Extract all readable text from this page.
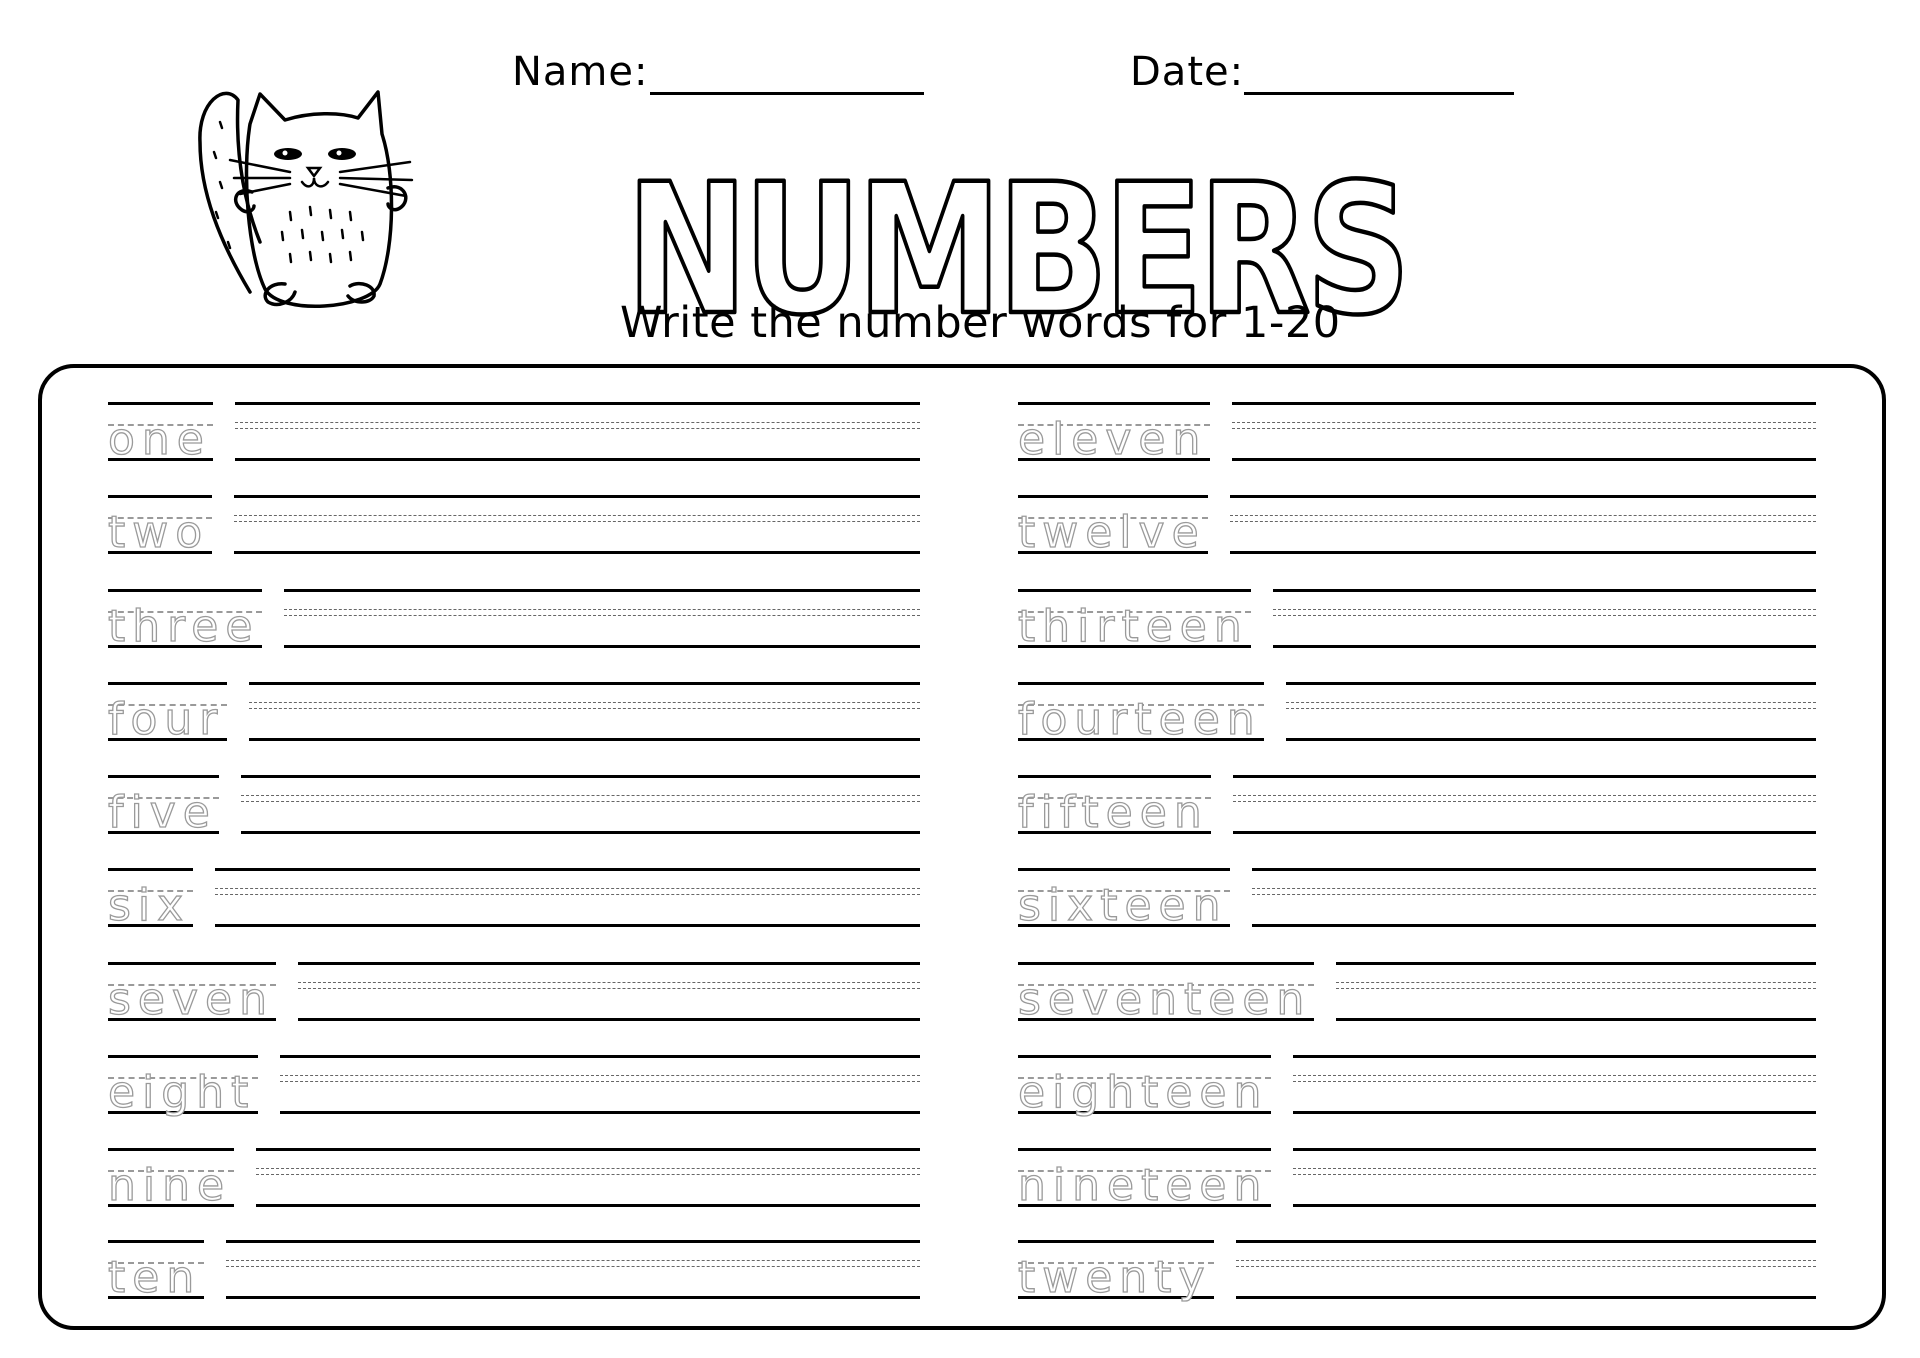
Name:	Date:
NUMBERS
Write the number words for 1-20
one
two
three
four
five
six
seven
eight
nine
ten
eleven
twelve
thirteen
fourteen
fifteen
sixteen
seventeen
eighteen
nineteen
twenty
